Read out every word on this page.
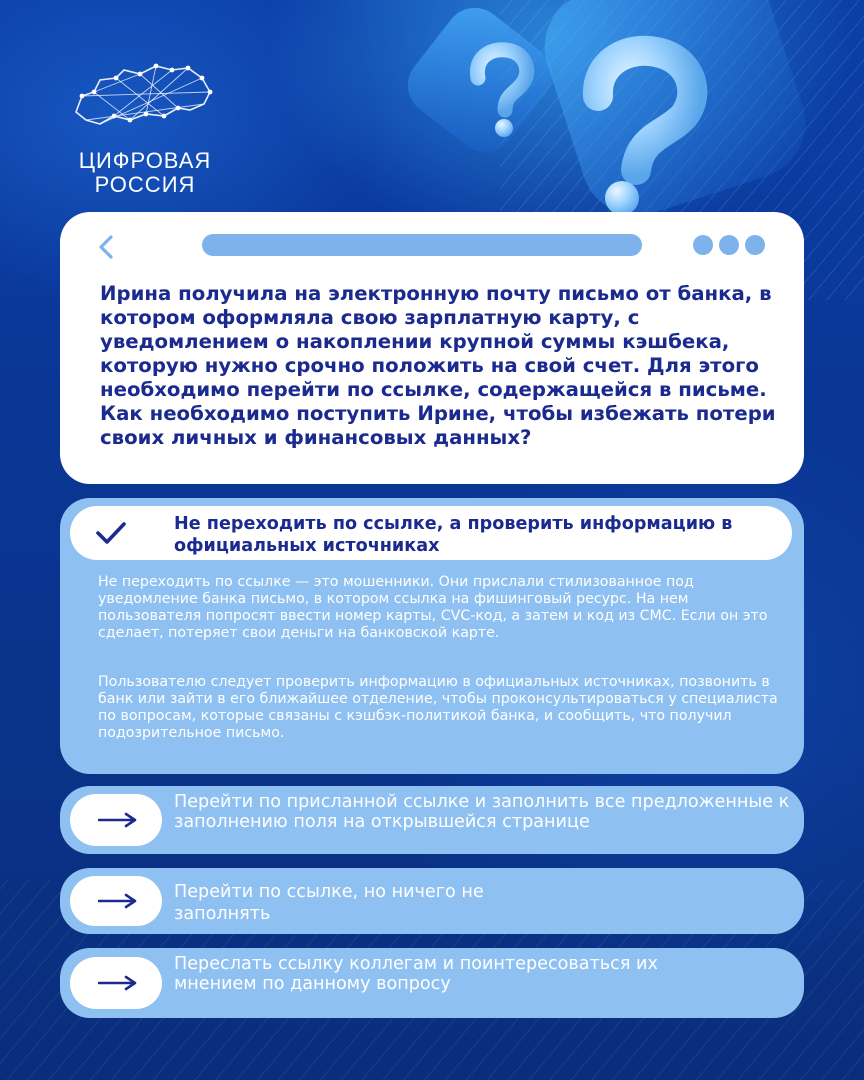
ЦИФРОВАЯ
РОССИЯ

Ирина получила на электронную почту письмо от банка, в котором оформляла свою зарплатную карту, с уведомлением о накоплении крупной суммы кэшбека, которую нужно срочно положить на свой счет. Для этого необходимо перейти по ссылке, содержащейся в письме. Как необходимо поступить Ирине, чтобы избежать потери своих личных и финансовых данных?

Не переходить по ссылке, а проверить информацию в официальных источниках

Не переходить по ссылке — это мошенники. Они прислали стилизованное под уведомление банка письмо, в котором ссылка на фишинговый ресурс. На нем пользователя попросят ввести номер карты, CVC-код, а затем и код из СМС. Если он это сделает, потеряет свои деньги на банковской карте.

Пользователю следует проверить информацию в официальных источниках, позвонить в банк или зайти в его ближайшее отделение, чтобы проконсультироваться у специалиста по вопросам, которые связаны с кэшбэк-политикой банка, и сообщить, что получил подозрительное письмо.

Перейти по присланной ссылке и заполнить все предложенные к заполнению поля на открывшейся странице

Перейти по ссылке, но ничего не заполнять

Переслать ссылку коллегам и поинтересоваться их мнением по данному вопросу
